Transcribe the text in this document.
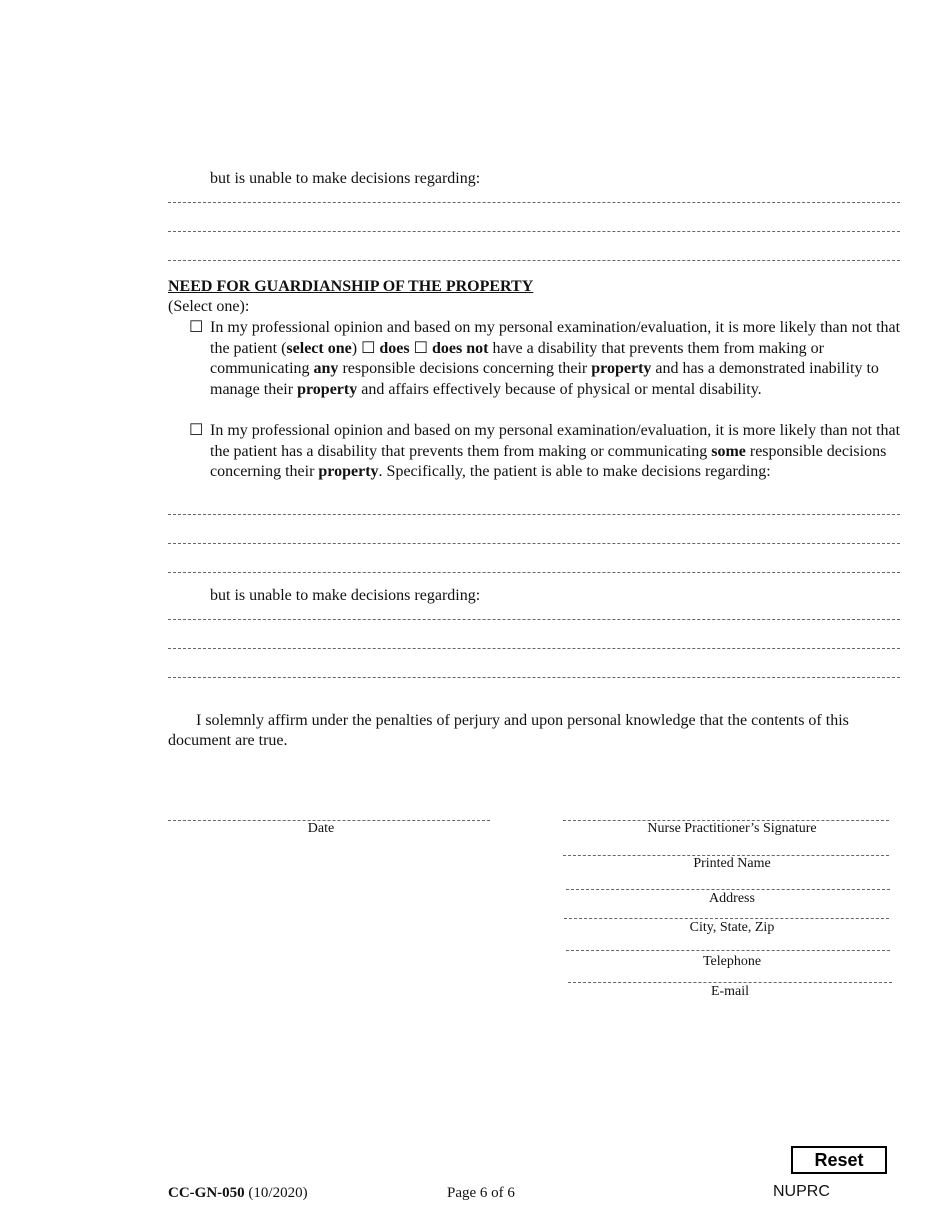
but is unable to make decisions regarding:
NEED FOR GUARDIANSHIP OF THE PROPERTY
(Select one):
☐ In my professional opinion and based on my personal examination/evaluation, it is more likely than not that the patient (select one) ☐ does ☐ does not have a disability that prevents them from making or communicating any responsible decisions concerning their property and has a demonstrated inability to manage their property and affairs effectively because of physical or mental disability.
☐ In my professional opinion and based on my personal examination/evaluation, it is more likely than not that the patient has a disability that prevents them from making or communicating some responsible decisions concerning their property. Specifically, the patient is able to make decisions regarding:
but is unable to make decisions regarding:
I solemnly affirm under the penalties of perjury and upon personal knowledge that the contents of this
document are true.
Date	Nurse Practitioner’s Signature
Printed Name
Address
City, State, Zip
Telephone
E-mail
Reset
CC-GN-050 (10/2020)	Page 6 of 6	NUPRC
